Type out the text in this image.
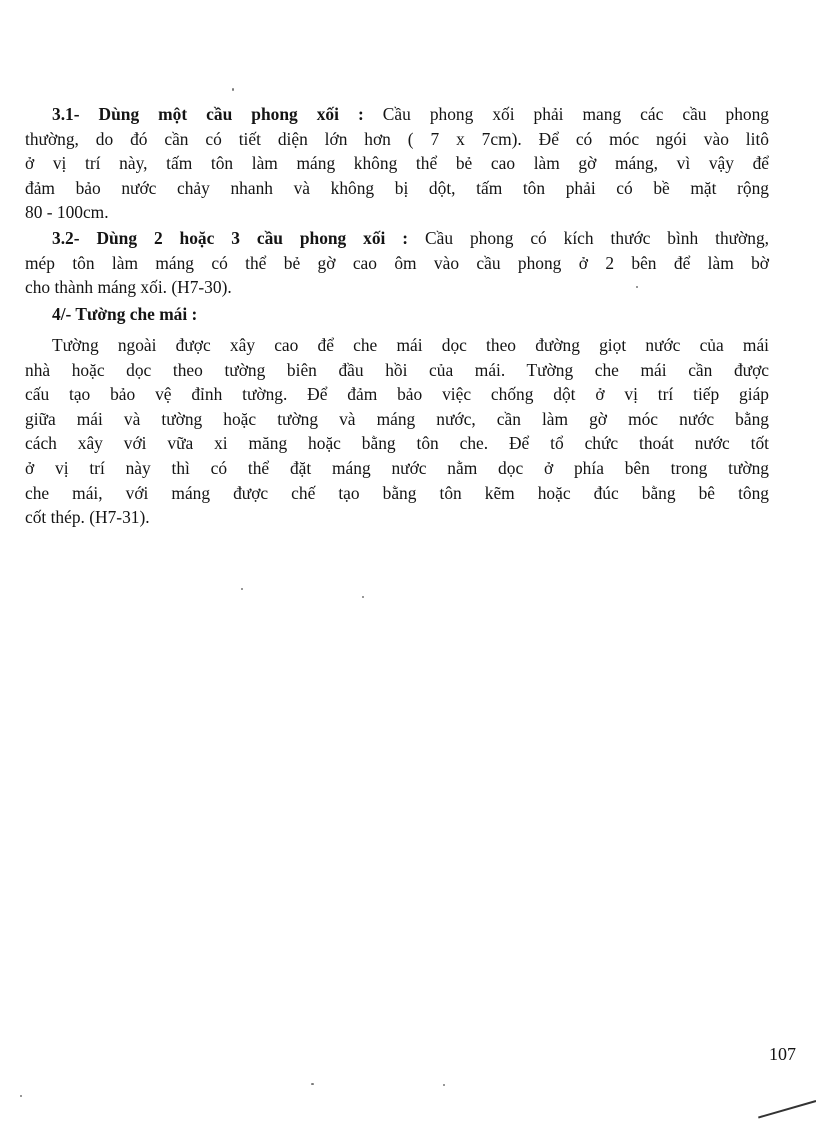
3.1- Dùng một cầu phong xối : Cầu phong xối phải mang các cầu phong
thường, do đó cần có tiết diện lớn hơn ( 7 x 7cm). Để có móc ngói vào litô
ở vị trí này, tấm tôn làm máng không thể bẻ cao làm gờ máng, vì vậy để
đảm bảo nước chảy nhanh và không bị dột, tấm tôn phải có bề mặt rộng
80 - 100cm.
3.2- Dùng 2 hoặc 3 cầu phong xối : Cầu phong có kích thước bình thường,
mép tôn làm máng có thể bẻ gờ cao ôm vào cầu phong ở 2 bên để làm bờ
cho thành máng xối. (H7-30).
4/- Tường che mái :
Tường ngoài được xây cao để che mái dọc theo đường giọt nước của mái
nhà hoặc dọc theo tường biên đầu hồi của mái. Tường che mái cần được
cấu tạo bảo vệ đỉnh tường. Để đảm bảo việc chống dột ở vị trí tiếp giáp
giữa mái và tường hoặc tường và máng nước, cần làm gờ móc nước bằng
cách xây với vữa xi măng hoặc bằng tôn che. Để tổ chức thoát nước tốt
ở vị trí này thì có thể đặt máng nước nằm dọc ở phía bên trong tường
che mái, với máng được chế tạo bằng tôn kẽm hoặc đúc bằng bê tông
cốt thép. (H7-31).
107
